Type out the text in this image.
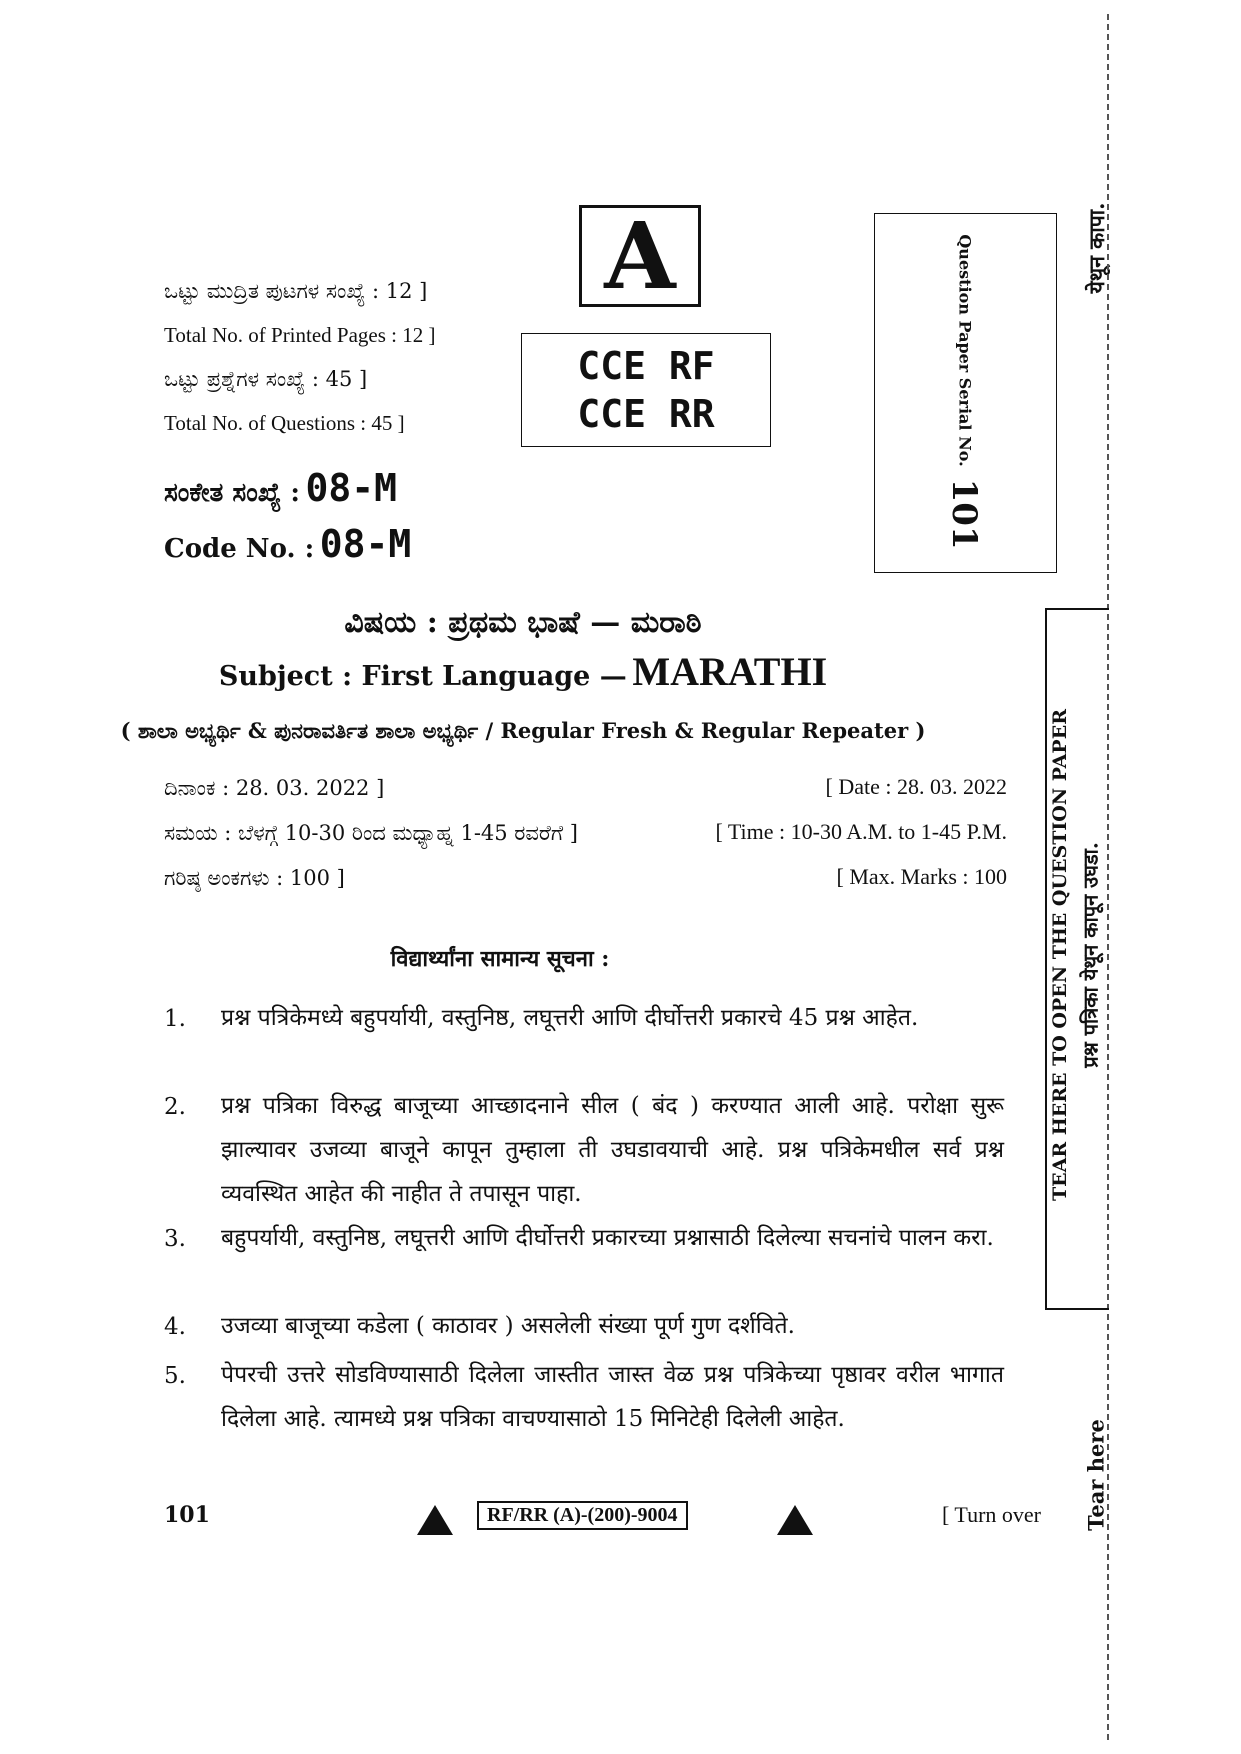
ಒಟ್ಟು ಮುದ್ರಿತ ಪುಟಗಳ ಸಂಖ್ಯೆ : 12 ]
Total No. of Printed Pages : 12 ]
ಒಟ್ಟು ಪ್ರಶ್ನೆಗಳ ಸಂಖ್ಯೆ : 45 ]
Total No. of Questions : 45 ]
A
CCE RF
CCE RR	Question Paper Serial No.101
येथून कापा.
ಸಂಕೇತ ಸಂಖ್ಯೆ : 08-M
Code No. : 08-M
ವಿಷಯ : ಪ್ರಥಮ ಭಾಷೆ — ಮರಾಠಿ
Subject : First Language — MARATHI
( ಶಾಲಾ ಅಭ್ಯರ್ಥಿ & ಪುನರಾವರ್ತಿತ ಶಾಲಾ ಅಭ್ಯರ್ಥಿ / Regular Fresh & Regular Repeater )
ದಿನಾಂಕ : 28. 03. 2022 ]	[ Date : 28. 03. 2022
ಸಮಯ : ಬೆಳಗ್ಗೆ 10-30 ರಿಂದ ಮಧ್ಯಾಹ್ನ 1-45 ರವರೆಗೆ ]	[ Time : 10-30 A.M. to 1-45 P.M.
ಗರಿಷ್ಠ ಅಂಕಗಳು : 100 ]	[ Max. Marks : 100
विद्यार्थ्यांना सामान्य सूचना :
1. प्रश्न पत्रिकेमध्ये बहुपर्यायी, वस्तुनिष्ठ, लघूत्तरी आणि दीर्घोत्तरी प्रकारचे 45 प्रश्न आहेत.
2. प्रश्न पत्रिका विरुद्ध बाजूच्या आच्छादनाने सील ( बंद ) करण्यात आली आहे. परोक्षा सुरू झाल्यावर उजव्या बाजूने कापून तुम्हाला ती उघडावयाची आहे. प्रश्न पत्रिकेमधील सर्व प्रश्न व्यवस्थित आहेत की नाहीत ते तपासून पाहा.
3. बहुपर्यायी, वस्तुनिष्ठ, लघूत्तरी आणि दीर्घोत्तरी प्रकारच्या प्रश्नासाठी दिलेल्या सचनांचे पालन करा.
4. उजव्या बाजूच्या कडेला ( काठावर ) असलेली संख्या पूर्ण गुण दर्शविते.
5. पेपरची उत्तरे सोडविण्यासाठी दिलेला जास्तीत जास्त वेळ प्रश्न पत्रिकेच्या पृष्ठावर वरील भागात दिलेला आहे. त्यामध्ये प्रश्न पत्रिका वाचण्यासाठो 15 मिनिटेही दिलेली आहेत.
TEAR HERE TO OPEN THE QUESTION PAPER प्रश्न पत्रिका येथून कापून उघडा.
Tear here
101	RF/RR (A)-(200)-9004	[ Turn over
